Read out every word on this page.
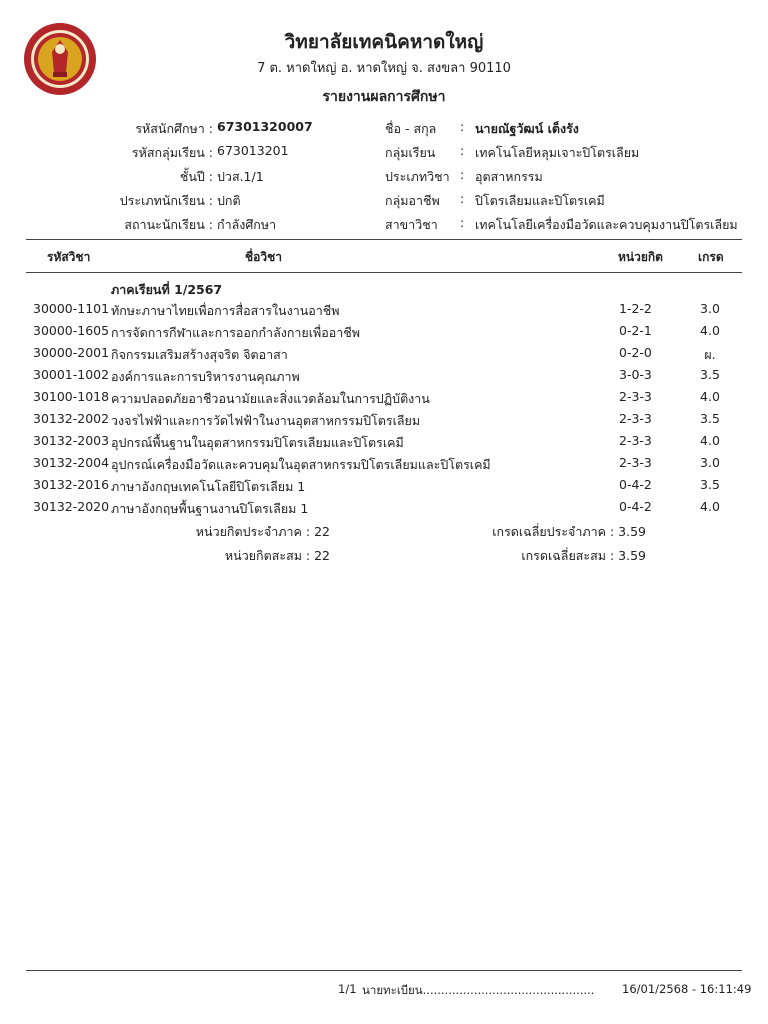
วิทยาลัยเทคนิคหาดใหญ่
7 ต. หาดใหญ่ อ. หาดใหญ่ จ. สงขลา 90110
รายงานผลการศึกษา
รหัสนักศึกษา : 67301320007
รหัสกลุ่มเรียน : 673013201
ชั้นปี : ปวส.1/1
ประเภทนักเรียน : ปกติ
สถานะนักเรียน : กำลังศึกษา
ชื่อ - สกุล : นายณัฐวัฒน์ เต็งรัง
กลุ่มเรียน : เทคโนโลยีหลุมเจาะปิโตรเลียม
ประเภทวิชา : อุตสาหกรรม
กลุ่มอาชีพ : ปิโตรเลียมและปิโตรเคมี
สาขาวิชา : เทคโนโลยีเครื่องมือวัดและควบคุมงานปิโตรเลียม
รหัสวิชา	ชื่อวิชา	หน่วยกิต	เกรด
ภาคเรียนที่ 1/2567
30000-1101 ทักษะภาษาไทยเพื่อการสื่อสารในงานอาชีพ	1-2-2	3.0
30000-1605 การจัดการกีฬาและการออกกำลังกายเพื่ออาชีพ	0-2-1	4.0
30000-2001 กิจกรรมเสริมสร้างสุจริต จิตอาสา	0-2-0	ผ.
30001-1002 องค์การและการบริหารงานคุณภาพ	3-0-3	3.5
30100-1018 ความปลอดภัยอาชีวอนามัยและสิ่งแวดล้อมในการปฏิบัติงาน	2-3-3	4.0
30132-2002 วงจรไฟฟ้าและการวัดไฟฟ้าในงานอุตสาหกรรมปิโตรเลียม	2-3-3	3.5
30132-2003 อุปกรณ์พื้นฐานในอุตสาหกรรมปิโตรเลียมและปิโตรเคมี	2-3-3	4.0
30132-2004 อุปกรณ์เครื่องมือวัดและควบคุมในอุตสาหกรรมปิโตรเลียมและปิโตรเคมี	2-3-3	3.0
30132-2016 ภาษาอังกฤษเทคโนโลยีปิโตรเลียม 1	0-4-2	3.5
30132-2020 ภาษาอังกฤษพื้นฐานงานปิโตรเลียม 1	0-4-2	4.0
หน่วยกิตประจำภาค : 22	เกรดเฉลี่ยประจำภาค : 3.59
หน่วยกิตสะสม : 22	เกรดเฉลี่ยสะสม : 3.59
1/1 นายทะเบียน............................................... 16/01/2568 - 16:11:49
